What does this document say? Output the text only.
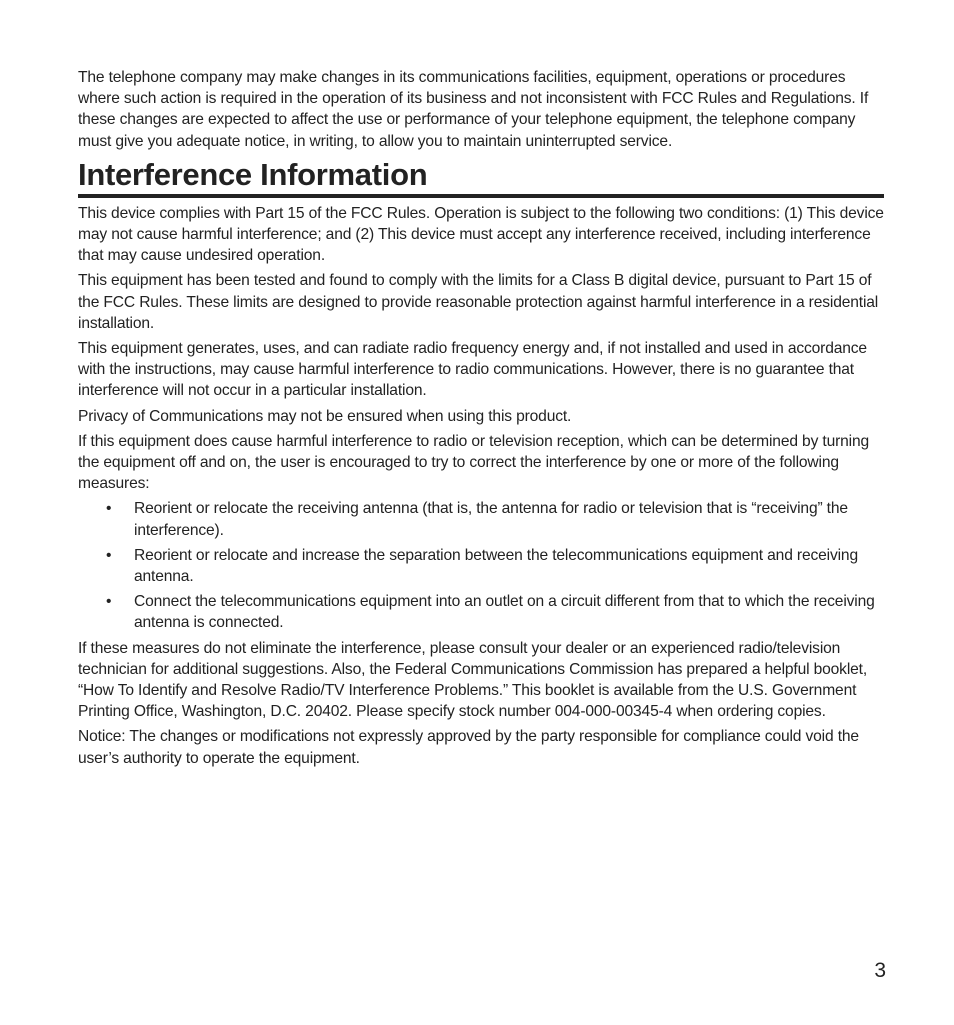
The telephone company may make changes in its communications facilities, equipment, operations or procedures where such action is required in the operation of its business and not inconsistent with FCC Rules and Regulations. If these changes are expected to affect the use or performance of your telephone equipment, the telephone company must give you adequate notice, in writing, to allow you to maintain uninterrupted service.

Interference Information

This device complies with Part 15 of the FCC Rules. Operation is subject to the following two conditions: (1) This device may not cause harmful interference; and (2) This device must accept any interference received, including interference that may cause undesired operation.

This equipment has been tested and found to comply with the limits for a Class B digital device, pursuant to Part 15 of the FCC Rules. These limits are designed to provide reasonable protection against harmful interference in a residential installation.

This equipment generates, uses, and can radiate radio frequency energy and, if not installed and used in accordance with the instructions, may cause harmful interference to radio communications. However, there is no guarantee that interference will not occur in a particular installation.

Privacy of Communications may not be ensured when using this product.

If this equipment does cause harmful interference to radio or television reception, which can be determined by turning the equipment off and on, the user is encouraged to try to correct the interference by one or more of the following measures:

• Reorient or relocate the receiving antenna (that is, the antenna for radio or television that is “receiving” the interference).
• Reorient or relocate and increase the separation between the telecommunications equipment and receiving antenna.
• Connect the telecommunications equipment into an outlet on a circuit different from that to which the receiving antenna is connected.

If these measures do not eliminate the interference, please consult your dealer or an experienced radio/television technician for additional suggestions. Also, the Federal Communications Commission has prepared a helpful booklet, “How To Identify and Resolve Radio/TV Interference Problems.” This booklet is available from the U.S. Government Printing Office, Washington, D.C. 20402. Please specify stock number 004-000-00345-4 when ordering copies.

Notice: The changes or modifications not expressly approved by the party responsible for compliance could void the user’s authority to operate the equipment.

3
